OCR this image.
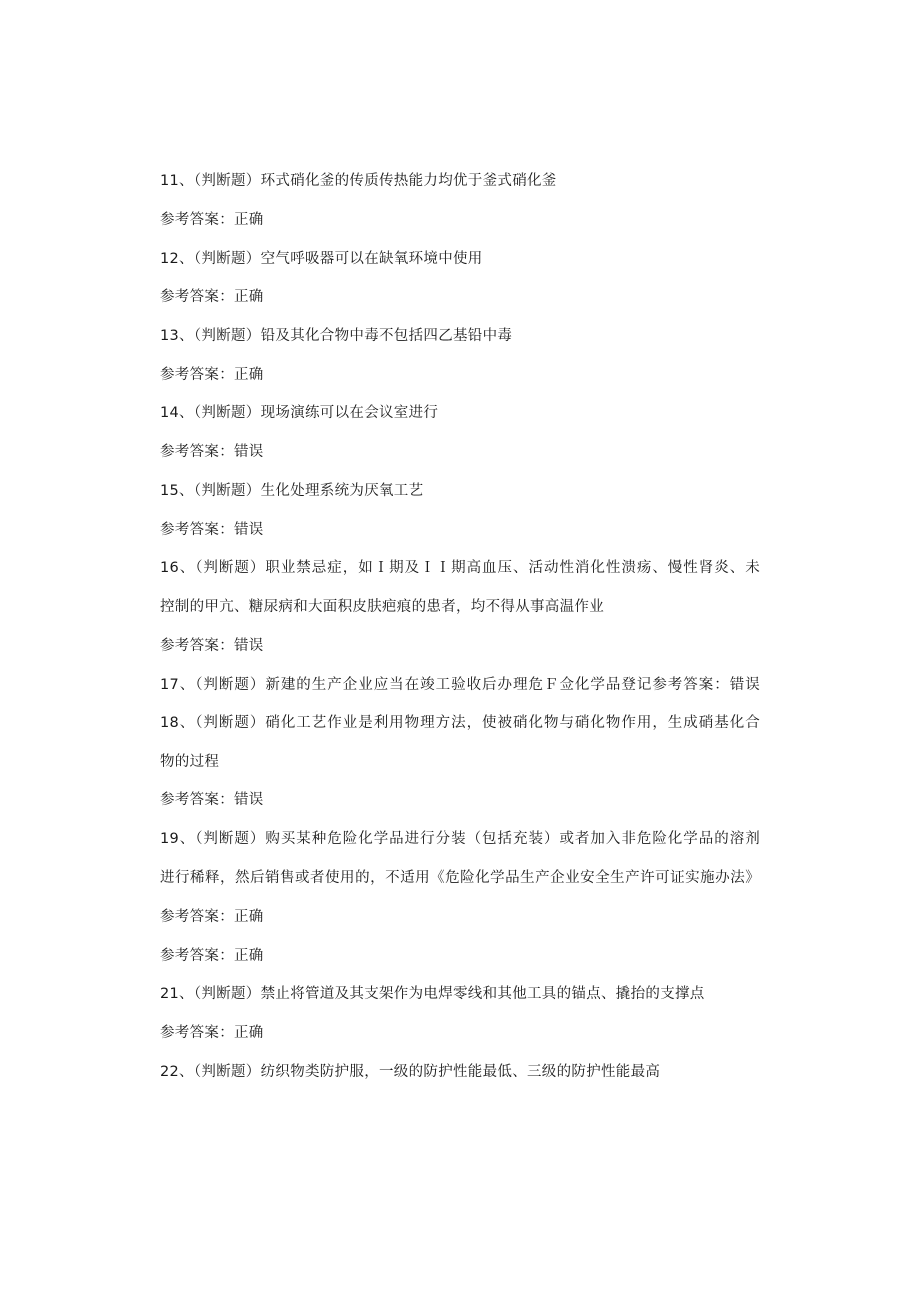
11、（判断题）环式硝化釜的传质传热能力均优于釜式硝化釜
参考答案：正确
12、（判断题）空气呼吸器可以在缺氧环境中使用
参考答案：正确
13、（判断题）铅及其化合物中毒不包括四乙基铅中毒
参考答案：正确
14、（判断题）现场演练可以在会议室进行
参考答案：错误
15、（判断题）生化处理系统为厌氧工艺
参考答案：错误
16、（判断题）职业禁忌症，如Ｉ期及ＩＩ期高血压、活动性消化性溃疡、慢性肾炎、未
控制的甲亢、糖尿病和大面积皮肤疤痕的患者，均不得从事高温作业
参考答案：错误
17、（判断题）新建的生产企业应当在竣工验收后办理危Ｆ佥化学品登记参考答案：错误
18、（判断题）硝化工艺作业是利用物理方法，使被硝化物与硝化物作用，生成硝基化合
物的过程
参考答案：错误
19、（判断题）购买某种危险化学品进行分装（包括充装）或者加入非危险化学品的溶剂
进行稀释，然后销售或者使用的，不适用《危险化学品生产企业安全生产许可证实施办法》
参考答案：正确
参考答案：正确
21、（判断题）禁止将管道及其支架作为电焊零线和其他工具的锚点、撬抬的支撑点
参考答案：正确
22、（判断题）纺织物类防护服，一级的防护性能最低、三级的防护性能最高
